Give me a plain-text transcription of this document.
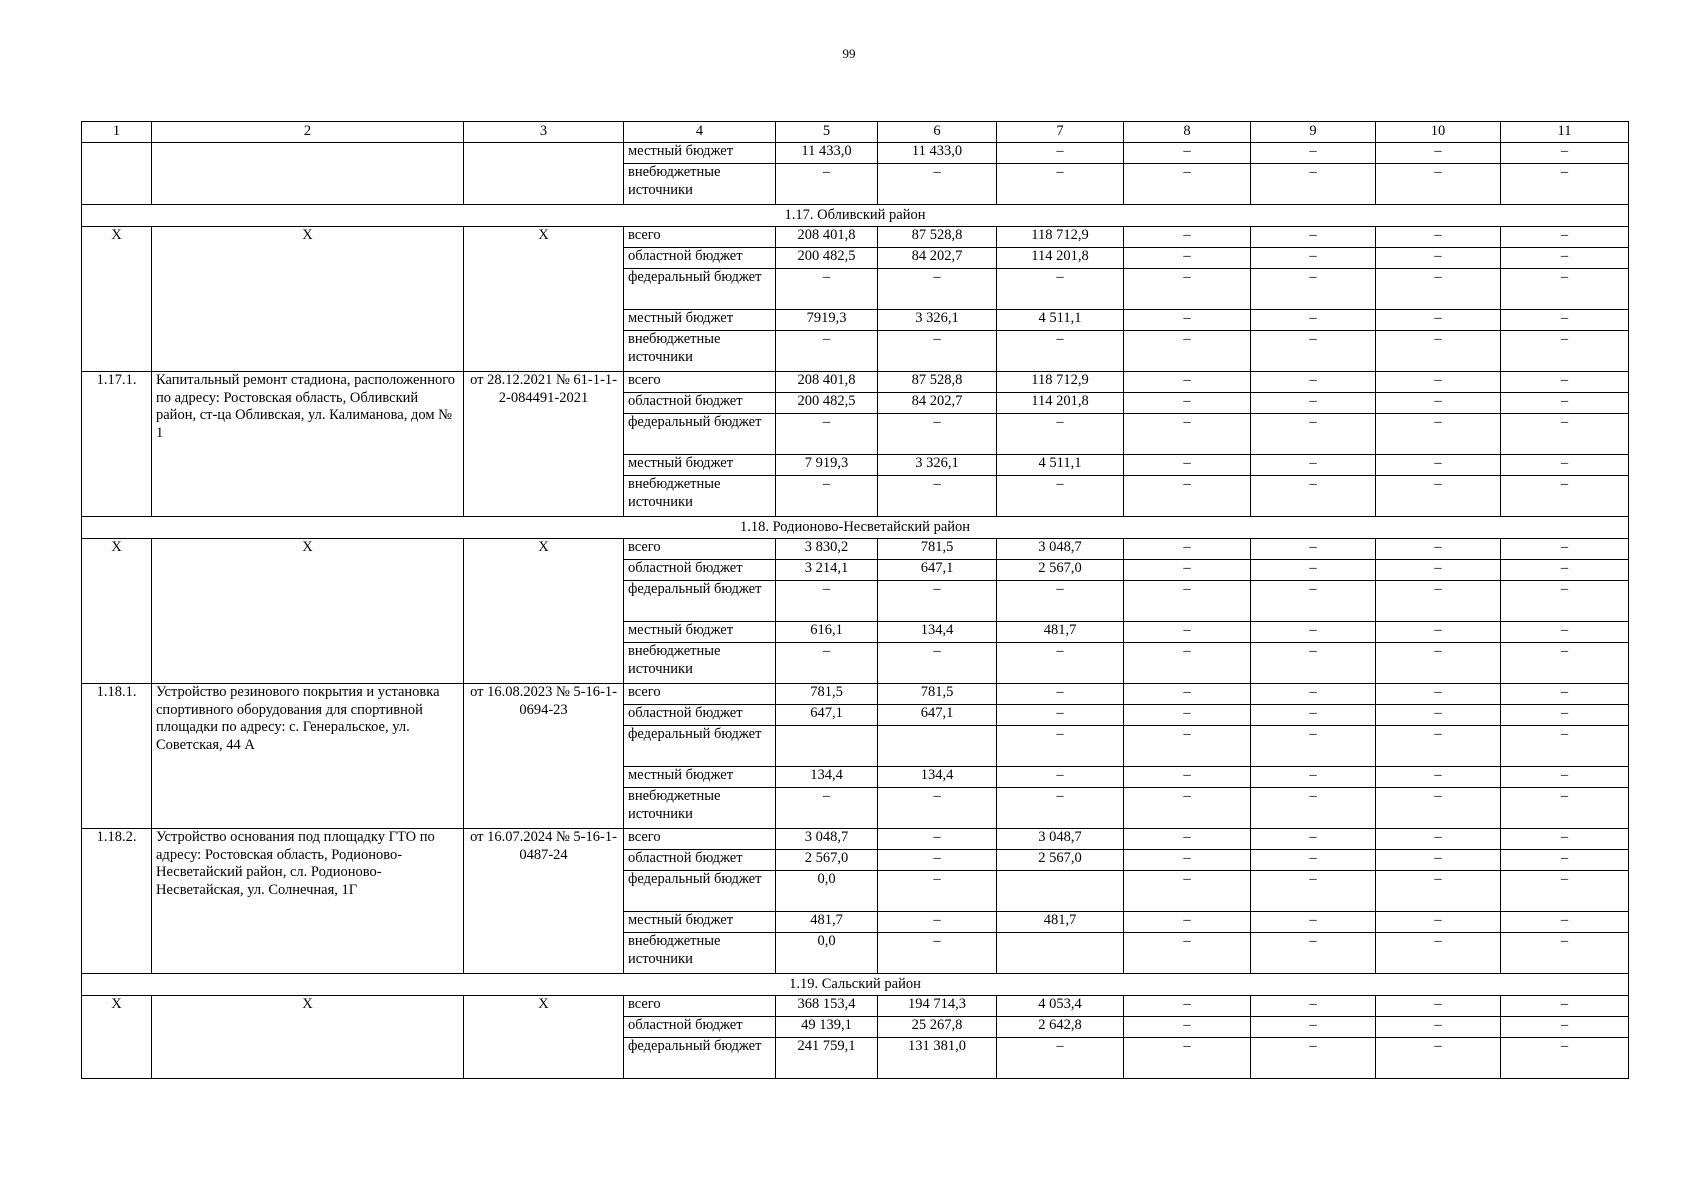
99
1	2	3	4	5	6	7	8	9	10	11
			местный бюджет	11 433,0	11 433,0	–	–	–	–	–
			внебюджетные источники	–	–	–	–	–	–	–
1.17. Обливский район										
Х	Х	Х	всего	208 401,8	87 528,8	118 712,9	–	–	–	–
			областной бюджет	200 482,5	84 202,7	114 201,8	–	–	–	–
			федеральный бюджет	–	–	–	–	–	–	–
			местный бюджет	7919,3	3 326,1	4 511,1	–	–	–	–
			внебюджетные источники	–	–	–	–	–	–	–
1.17.1.	Капитальный ремонт стадиона, расположенного по адресу: Ростовская область, Обливский район, ст-ца Обливская, ул. Калиманова, дом № 1	от 28.12.2021 № 61-1-1-2-084491-2021	всего	208 401,8	87 528,8	118 712,9	–	–	–	–
			областной бюджет	200 482,5	84 202,7	114 201,8	–	–	–	–
			федеральный бюджет	–	–	–	–	–	–	–
			местный бюджет	7 919,3	3 326,1	4 511,1	–	–	–	–
			внебюджетные источники	–	–	–	–	–	–	–
1.18. Родионово-Несветайский район										
Х	Х	Х	всего	3 830,2	781,5	3 048,7	–	–	–	–
			областной бюджет	3 214,1	647,1	2 567,0	–	–	–	–
			федеральный бюджет	–	–	–	–	–	–	–
			местный бюджет	616,1	134,4	481,7	–	–	–	–
			внебюджетные источники	–	–	–	–	–	–	–
1.18.1.	Устройство резинового покрытия и установка спортивного оборудования для спортивной площадки по адресу: с. Генеральское, ул. Советская, 44 А	от 16.08.2023 № 5-16-1-0694-23	всего	781,5	781,5	–	–	–	–	–
			областной бюджет	647,1	647,1	–	–	–	–	–
			федеральный бюджет			–	–	–	–	–
			местный бюджет	134,4	134,4	–	–	–	–	–
			внебюджетные источники	–	–	–	–	–	–	–
1.18.2.	Устройство основания под площадку ГТО по адресу: Ростовская область, Родионово-Несветайский район, сл. Родионово-Несветайская, ул. Солнечная, 1Г	от 16.07.2024 № 5-16-1-0487-24	всего	3 048,7	–	3 048,7	–	–	–	–
			областной бюджет	2 567,0	–	2 567,0	–	–	–	–
			федеральный бюджет	0,0	–		–	–	–	–
			местный бюджет	481,7	–	481,7	–	–	–	–
			внебюджетные источники	0,0	–		–	–	–	–
1.19. Сальский район										
Х	Х	Х	всего	368 153,4	194 714,3	4 053,4	–	–	–	–
			областной бюджет	49 139,1	25 267,8	2 642,8	–	–	–	–
			федеральный бюджет	241 759,1	131 381,0	–	–	–	–	–
